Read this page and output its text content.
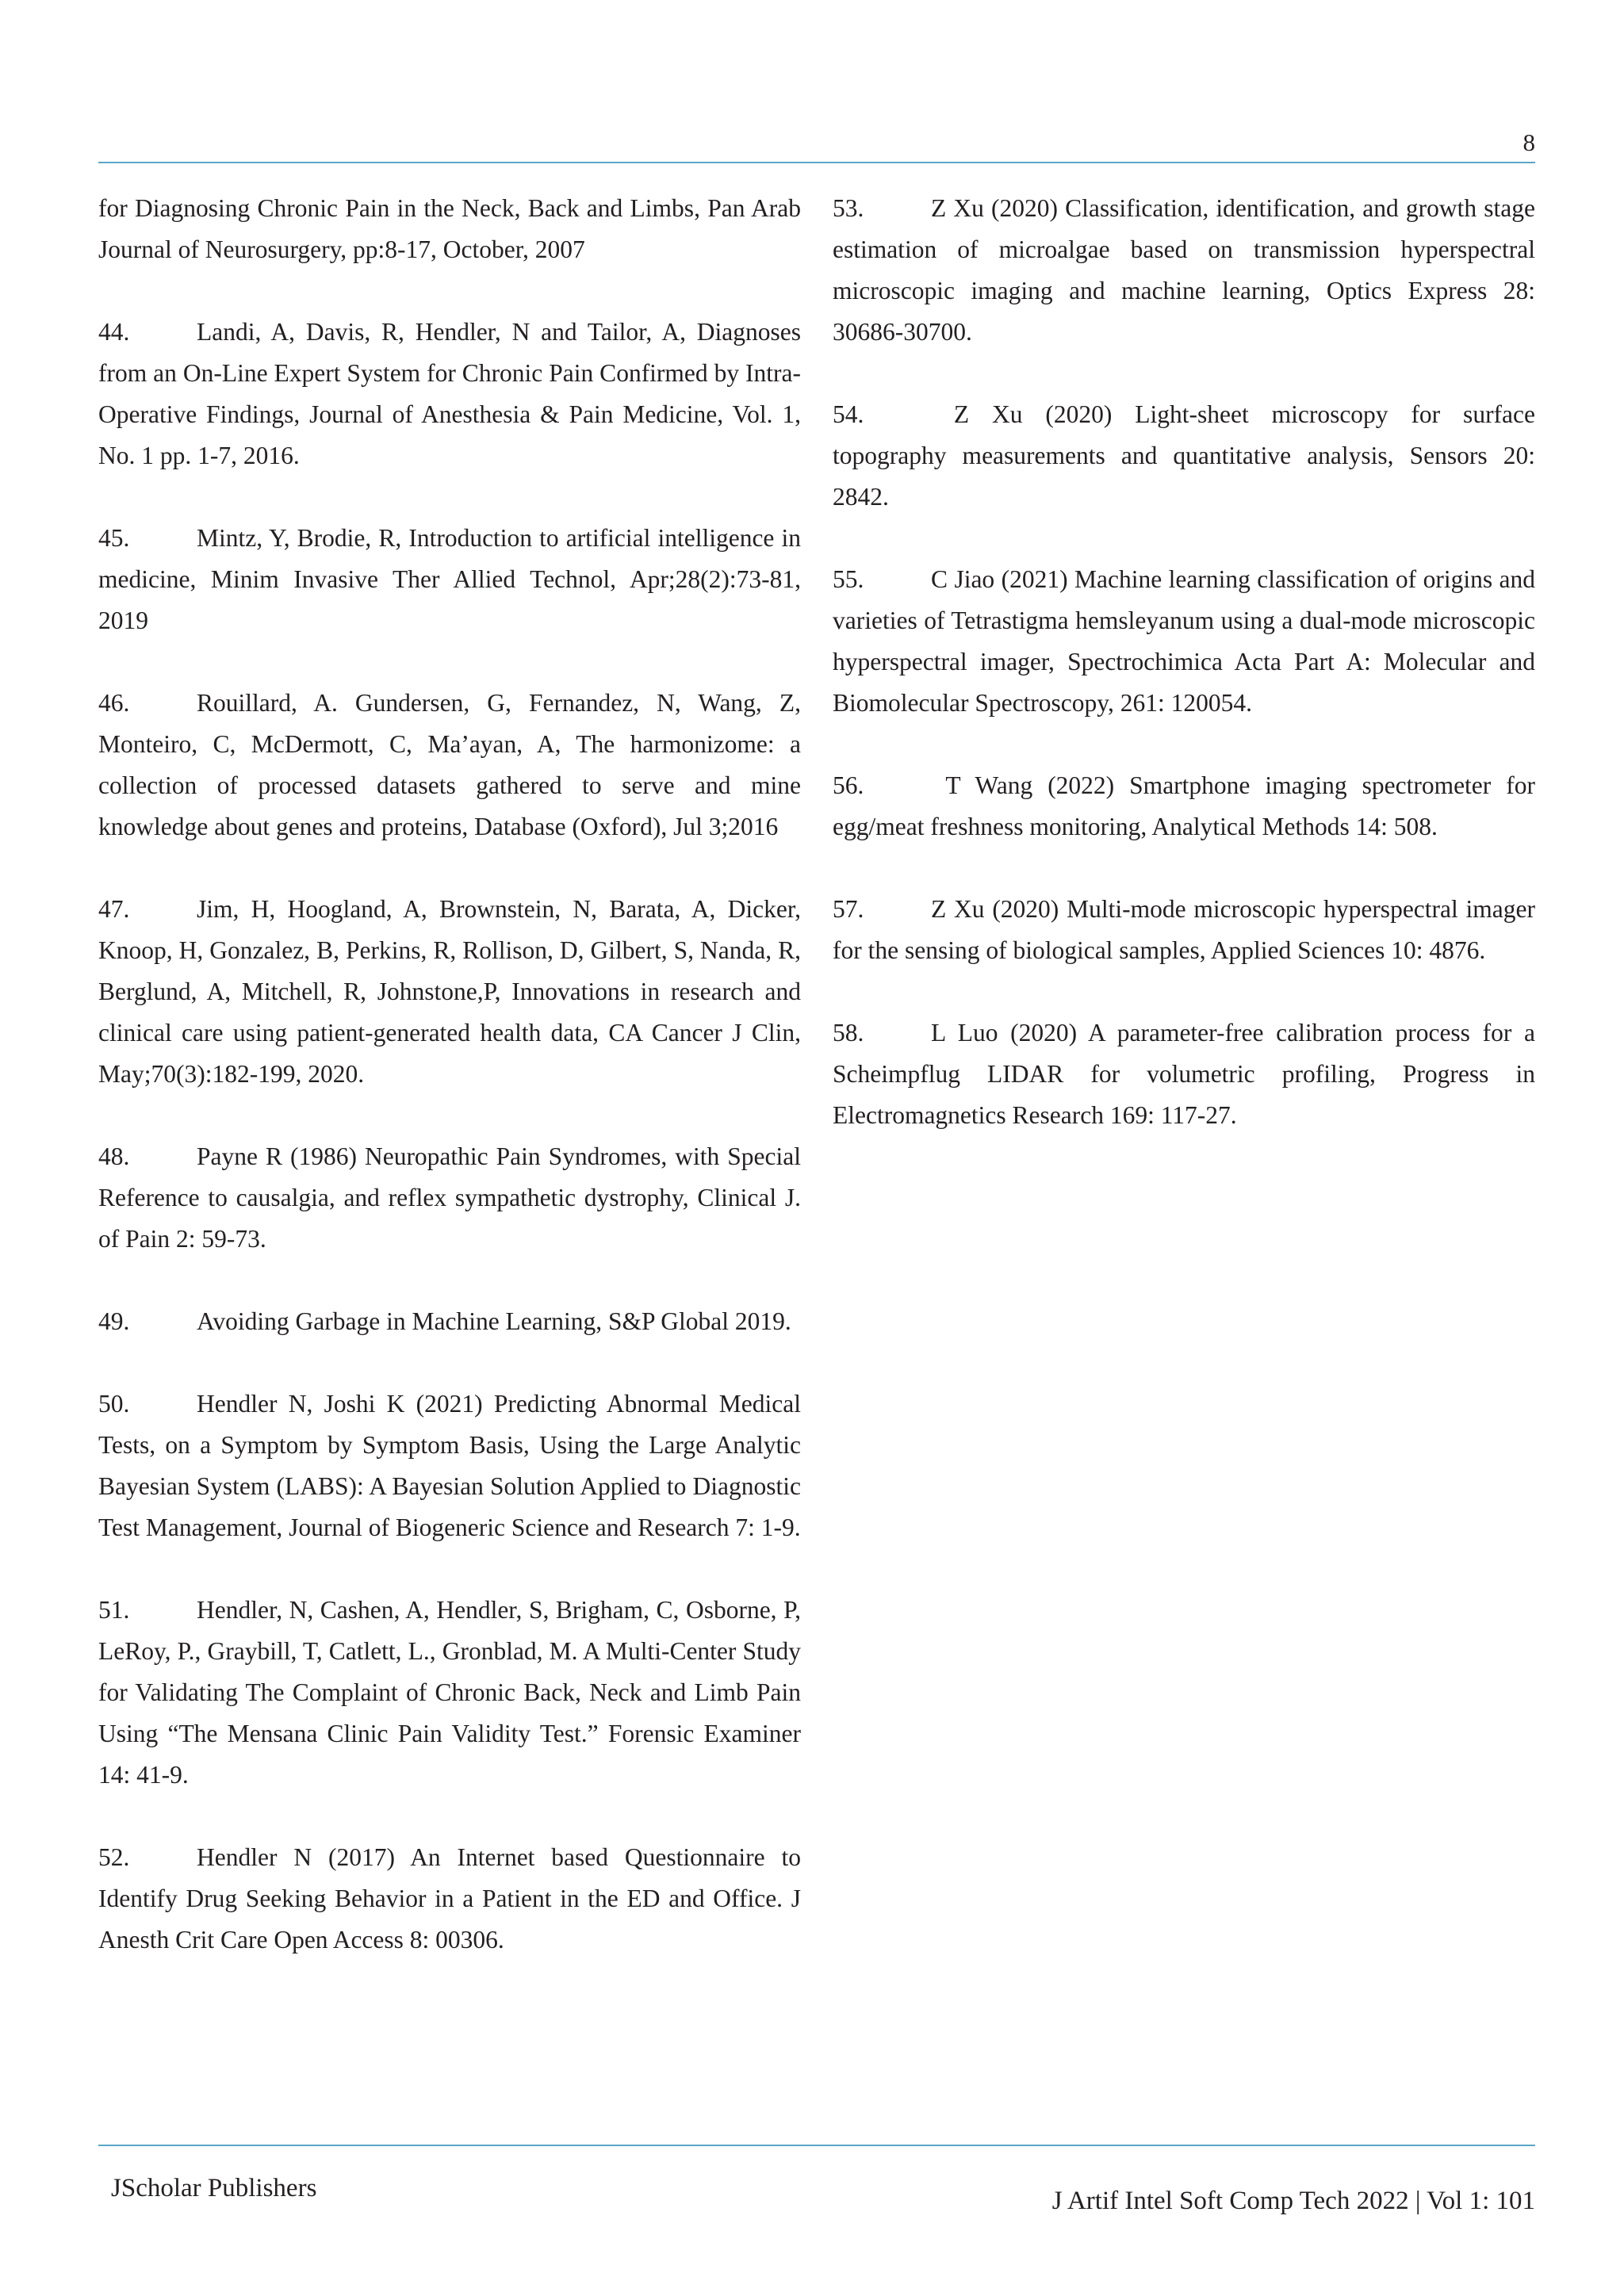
8

for Diagnosing Chronic Pain in the Neck, Back and Limbs, Pan Arab Journal of Neurosurgery, pp:8-17, October, 2007

44.	Landi, A, Davis, R, Hendler, N and Tailor, A, Diagnoses from an On-Line Expert System for Chronic Pain Confirmed by Intra-Operative Findings, Journal of Anesthesia & Pain Medicine, Vol. 1, No. 1 pp. 1-7, 2016.

45.	Mintz, Y, Brodie, R, Introduction to artificial intelligence in medicine, Minim Invasive Ther Allied Technol, Apr;28(2):73-81, 2019

46.	Rouillard, A. Gundersen, G, Fernandez, N, Wang, Z, Monteiro, C, McDermott, C, Ma’ayan, A, The harmonizome: a collection of processed datasets gathered to serve and mine knowledge about genes and proteins, Database (Oxford), Jul 3;2016

47.	Jim, H, Hoogland, A, Brownstein, N, Barata, A, Dicker, Knoop, H, Gonzalez, B, Perkins, R, Rollison, D, Gilbert, S, Nanda, R, Berglund, A, Mitchell, R, Johnstone,P, Innovations in research and clinical care using patient-generated health data, CA Cancer J Clin, May;70(3):182-199, 2020.

48.	Payne R (1986) Neuropathic Pain Syndromes, with Special Reference to causalgia, and reflex sympathetic dystrophy, Clinical J. of Pain 2: 59-73.

49.	Avoiding Garbage in Machine Learning, S&P Global 2019.

50.	Hendler N, Joshi K (2021) Predicting Abnormal Medical Tests, on a Symptom by Symptom Basis, Using the Large Analytic Bayesian System (LABS): A Bayesian Solution Applied to Diagnostic Test Management, Journal of Biogeneric Science and Research 7: 1-9.

51.	Hendler, N, Cashen, A, Hendler, S, Brigham, C, Osborne, P, LeRoy, P., Graybill, T, Catlett, L., Gronblad, M. A Multi-Center Study for Validating The Complaint of Chronic Back, Neck and Limb Pain Using “The Mensana Clinic Pain Validity Test.” Forensic Examiner 14: 41-9.

52.	Hendler N (2017) An Internet based Questionnaire to Identify Drug Seeking Behavior in a Patient in the ED and Office. J Anesth Crit Care Open Access 8: 00306.

53.	Z Xu (2020) Classification, identification, and growth stage estimation of microalgae based on transmission hyperspectral microscopic imaging and machine learning, Optics Express 28: 30686-30700.

54.	Z Xu (2020) Light-sheet microscopy for surface topography measurements and quantitative analysis, Sensors 20: 2842.

55.	C Jiao (2021) Machine learning classification of origins and varieties of Tetrastigma hemsleyanum using a dual-mode microscopic hyperspectral imager, Spectrochimica Acta Part A: Molecular and Biomolecular Spectroscopy, 261: 120054.

56.	T Wang (2022) Smartphone imaging spectrometer for egg/meat freshness monitoring, Analytical Methods 14: 508.

57.	Z Xu (2020) Multi-mode microscopic hyperspectral imager for the sensing of biological samples, Applied Sciences 10: 4876.

58.	L Luo (2020) A parameter-free calibration process for a Scheimpflug LIDAR for volumetric profiling, Progress in Electromagnetics Research 169: 117-27.

JScholar Publishers	J Artif Intel Soft Comp Tech 2022 | Vol 1: 101
